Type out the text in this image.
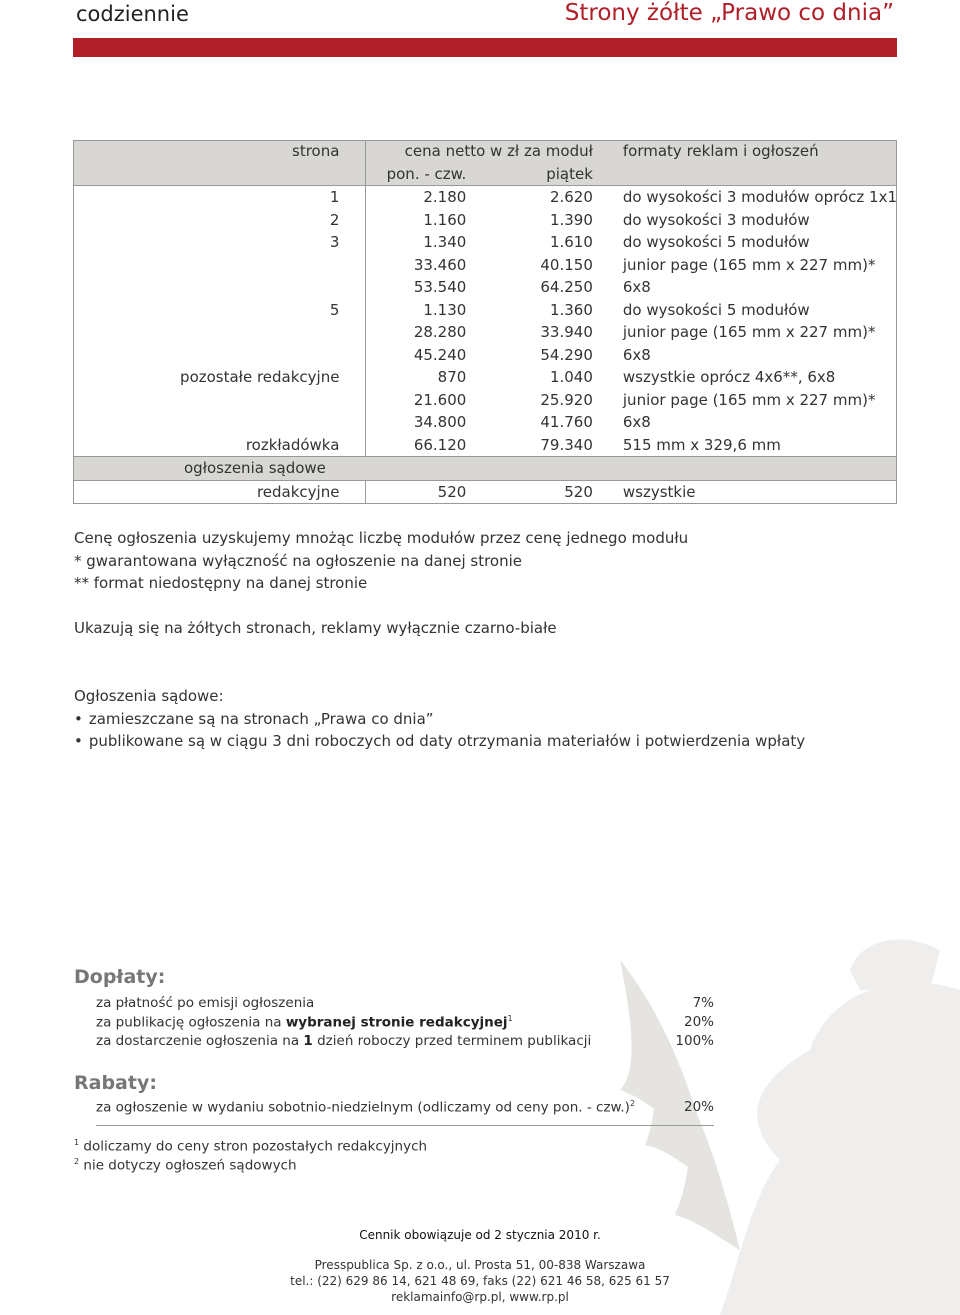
codziennie	Strony żółte „Prawo co dnia”
strona	cena netto w zł za moduł		formaty reklam i ogłoszeń
	pon. - czw.	piątek	
1	2.180	2.620	do wysokości 3 modułów oprócz 1x1
2	1.160	1.390	do wysokości 3 modułów
3	1.340	1.610	do wysokości 5 modułów
	33.460	40.150	junior page (165 mm x 227 mm)*
	53.540	64.250	6x8
5	1.130	1.360	do wysokości 5 modułów
	28.280	33.940	junior page (165 mm x 227 mm)*
	45.240	54.290	6x8
pozostałe redakcyjne	870	1.040	wszystkie oprócz 4x6**, 6x8
	21.600	25.920	junior page (165 mm x 227 mm)*
	34.800	41.760	6x8
rozkładówka	66.120	79.340	515 mm x 329,6 mm
ogłoszenia sądowe			
redakcyjne	520	520	wszystkie
Cenę ogłoszenia uzyskujemy mnożąc liczbę modułów przez cenę jednego modułu
* gwarantowana wyłączność na ogłoszenie na danej stronie
** format niedostępny na danej stronie
Ukazują się na żółtych stronach, reklamy wyłącznie czarno-białe
Ogłoszenia sądowe:
• zamieszczane są na stronach „Prawa co dnia”
• publikowane są w ciągu 3 dni roboczych od daty otrzymania materiałów i potwierdzenia wpłaty
Dopłaty:
za płatność po emisji ogłoszenia	7%
za publikację ogłoszenia na wybranej stronie redakcyjnej$^1$	20%
za dostarczenie ogłoszenia na 1 dzień roboczy przed terminem publikacji	100%
Rabaty:
za ogłoszenie w wydaniu sobotnio-niedzielnym (odliczamy od ceny pon. - czw.)$^2$	20%
$^1$ doliczamy do ceny stron pozostałych redakcyjnych
$^2$ nie dotyczy ogłoszeń sądowych
Cennik obowiązuje od 2 stycznia 2010 r.
Presspublica Sp. z o.o., ul. Prosta 51, 00-838 Warszawa
tel.: (22) 629 86 14, 621 48 69, faks (22) 621 46 58, 625 61 57
reklamainfo@rp.pl, www.rp.pl
